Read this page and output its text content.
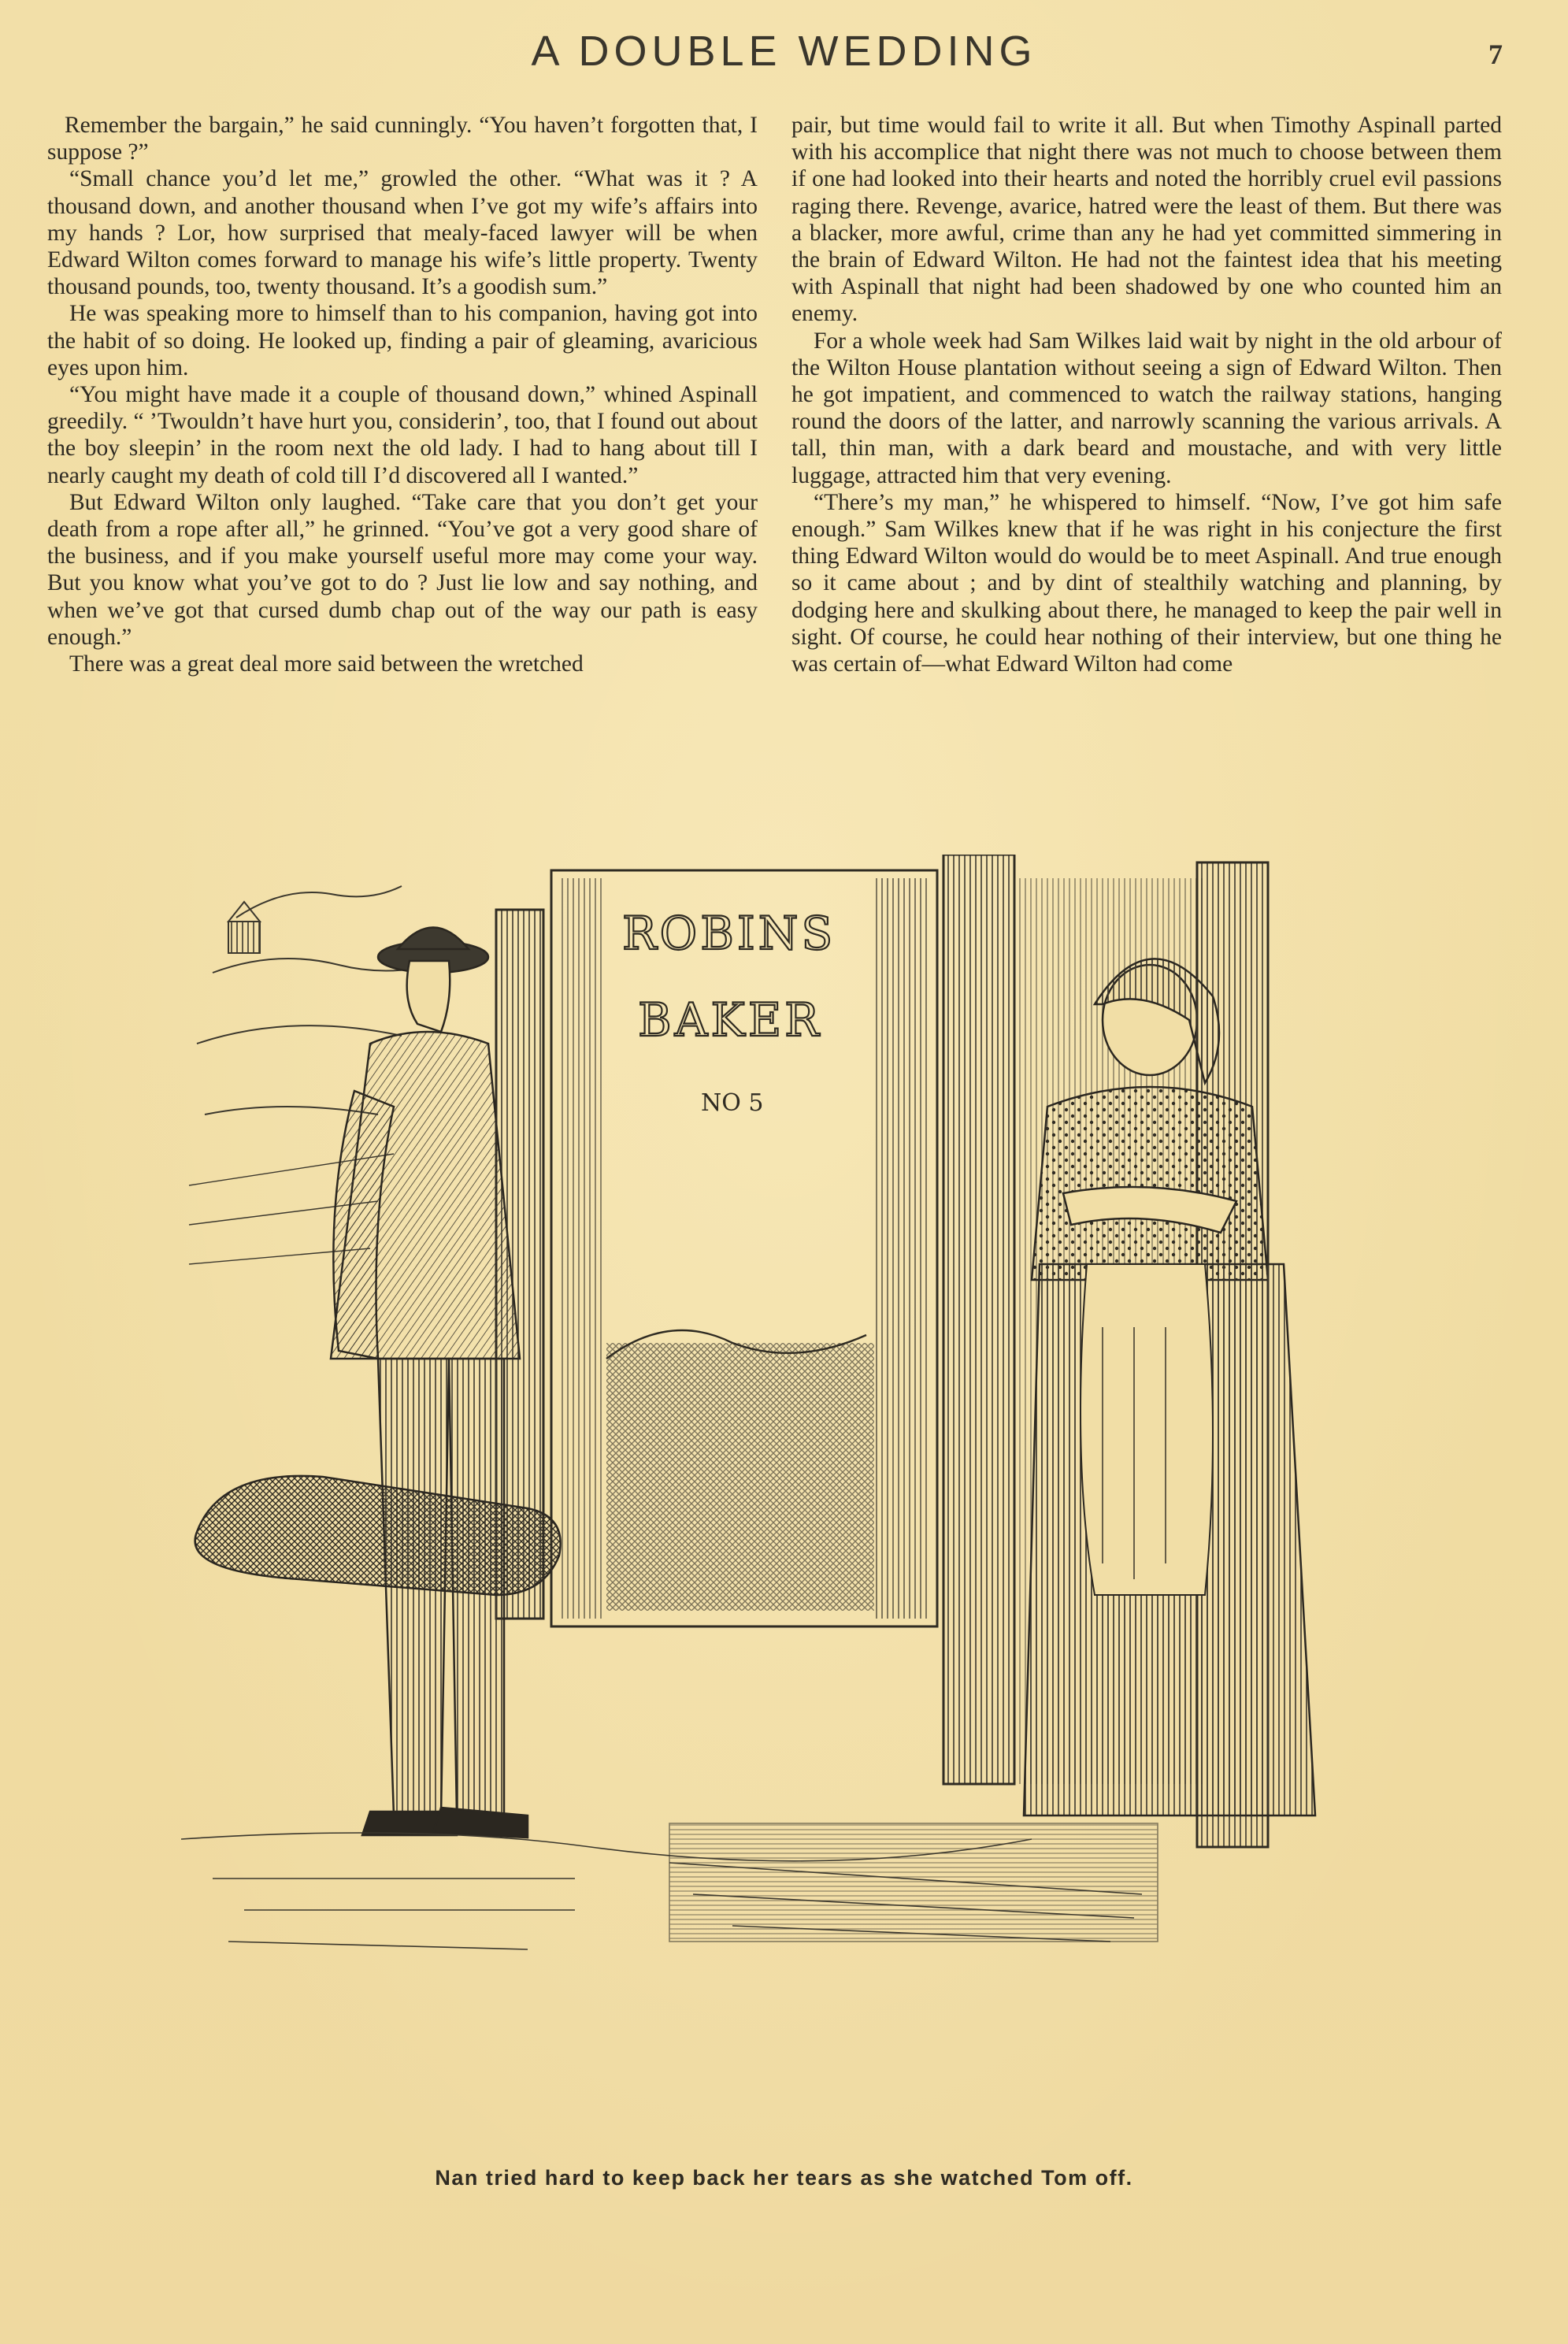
A DOUBLE WEDDING	7

Remember the bargain,” he said cunningly. “You haven’t forgotten that, I suppose ?”

“Small chance you’d let me,” growled the other. “What was it ? A thousand down, and another thousand when I’ve got my wife’s affairs into my hands ? Lor, how surprised that mealy-faced lawyer will be when Edward Wilton comes forward to manage his wife’s little property. Twenty thousand pounds, too, twenty thousand. It’s a goodish sum.”

He was speaking more to himself than to his companion, having got into the habit of so doing. He looked up, finding a pair of gleaming, avaricious eyes upon him.

“You might have made it a couple of thousand down,” whined Aspinall greedily. “ ’Twouldn’t have hurt you, considerin’, too, that I found out about the boy sleepin’ in the room next the old lady. I had to hang about till I nearly caught my death of cold till I’d discovered all I wanted.”

But Edward Wilton only laughed. “Take care that you don’t get your death from a rope after all,” he grinned. “You’ve got a very good share of the business, and if you make yourself useful more may come your way. But you know what you’ve got to do ? Just lie low and say nothing, and when we’ve got that cursed dumb chap out of the way our path is easy enough.”

There was a great deal more said between the wretched

pair, but time would fail to write it all. But when Timothy Aspinall parted with his accomplice that night there was not much to choose between them if one had looked into their hearts and noted the horribly cruel evil passions raging there. Revenge, avarice, hatred were the least of them. But there was a blacker, more awful, crime than any he had yet committed simmering in the brain of Edward Wilton. He had not the faintest idea that his meeting with Aspinall that night had been shadowed by one who counted him an enemy.

For a whole week had Sam Wilkes laid wait by night in the old arbour of the Wilton House plantation without seeing a sign of Edward Wilton. Then he got impatient, and commenced to watch the railway stations, hanging round the doors of the latter, and narrowly scanning the various arrivals. A tall, thin man, with a dark beard and moustache, and with very little luggage, attracted him that very evening.

“There’s my man,” he whispered to himself. “Now, I’ve got him safe enough.” Sam Wilkes knew that if he was right in his conjecture the first thing Edward Wilton would do would be to meet Aspinall. And true enough so it came about ; and by dint of stealthily watching and planning, by dodging here and skulking about there, he managed to keep the pair well in sight. Of course, he could hear nothing of their interview, but one thing he was certain of—what Edward Wilton had come

ROBINS
BAKER
NO 5
Nan tried hard to keep back her tears as she watched Tom off.
